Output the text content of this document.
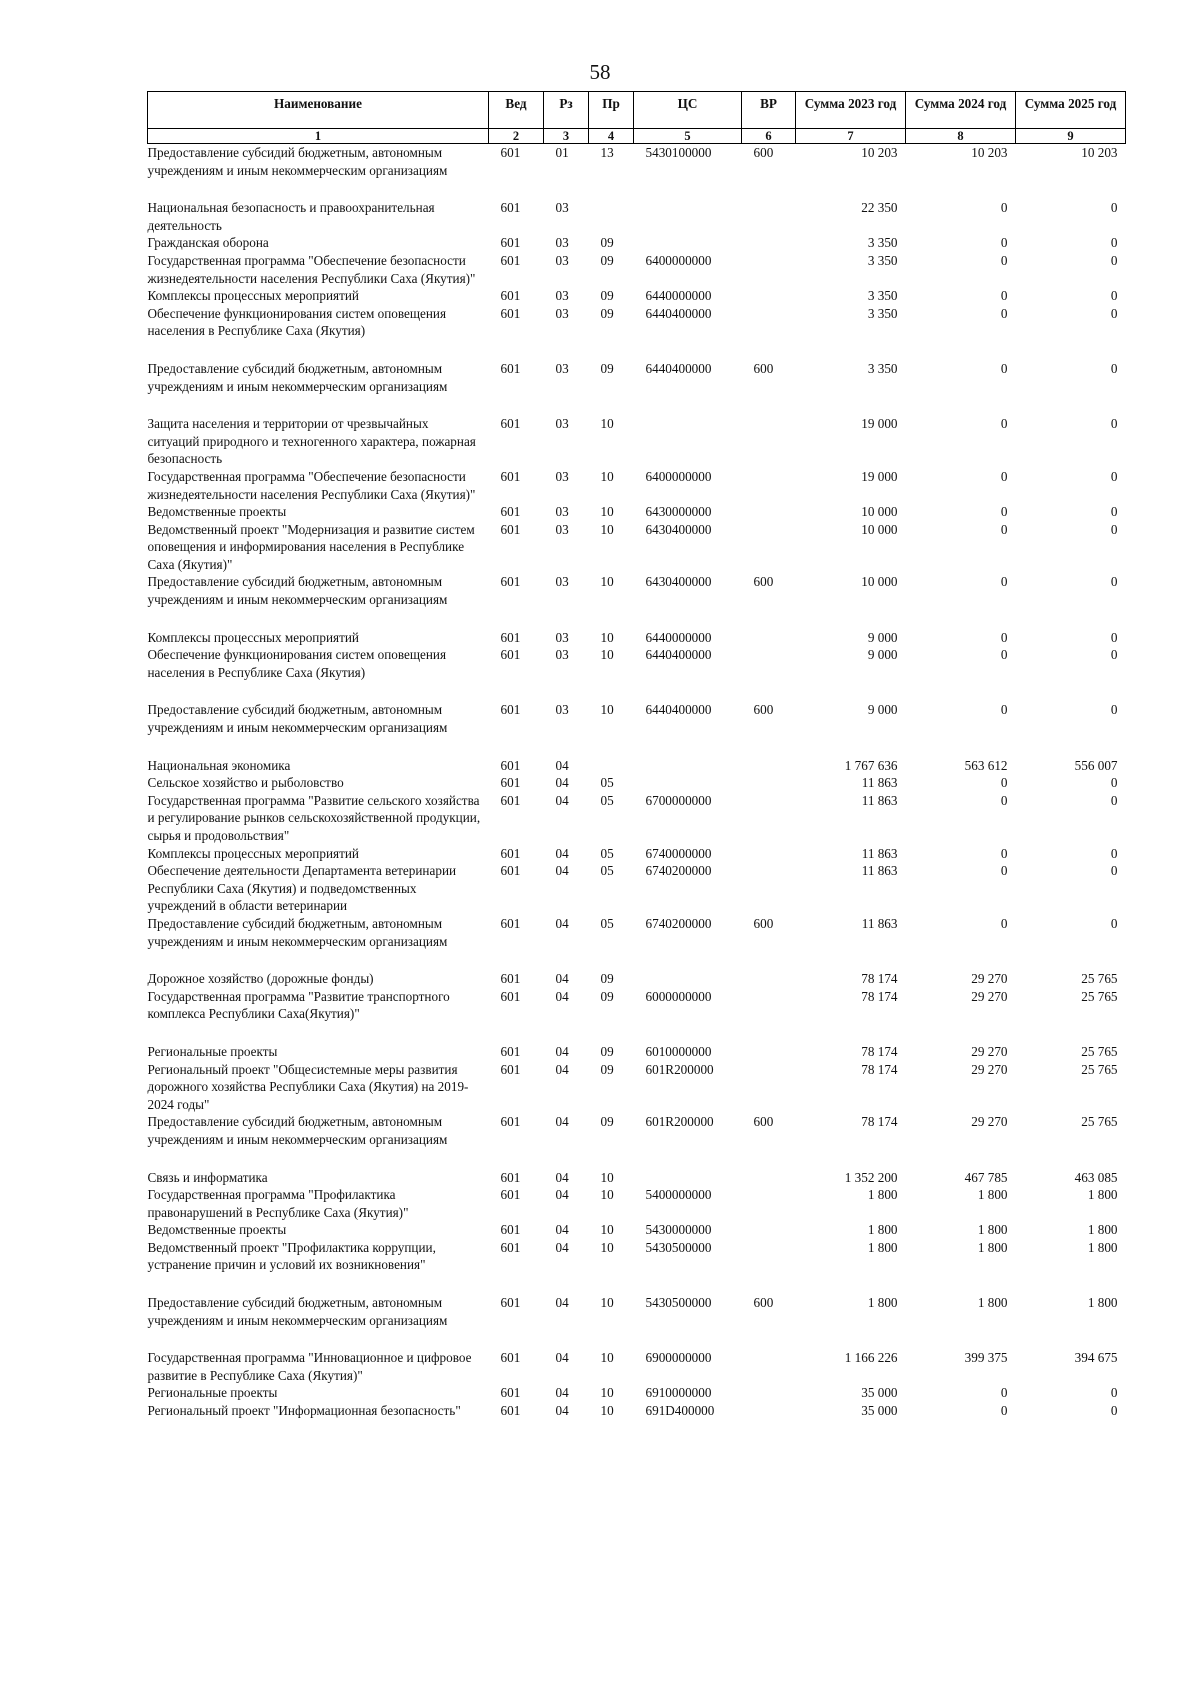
58
Наименование	Вед	Рз	Пр	ЦС	ВР	Сумма 2023 год	Сумма 2024 год	Сумма 2025 год
1	2	3	4	5	6	7	8	9
Предоставление субсидий бюджетным, автономным учреждениям и иным некоммерческим организациям	601	01	13	5430100000	600	10 203	10 203	10 203
Национальная безопасность и правоохранительная деятельность	601	03				22 350	0	0
Гражданская оборона	601	03	09			3 350	0	0
Государственная программа "Обеспечение безопасности жизнедеятельности населения Республики Саха (Якутия)"	601	03	09	6400000000		3 350	0	0
Комплексы процессных мероприятий	601	03	09	6440000000		3 350	0	0
Обеспечение функционирования систем оповещения населения в Республике Саха (Якутия)	601	03	09	6440400000		3 350	0	0
Предоставление субсидий бюджетным, автономным учреждениям и иным некоммерческим организациям	601	03	09	6440400000	600	3 350	0	0
Защита населения и территории от чрезвычайных ситуаций природного и техногенного характера, пожарная безопасность	601	03	10			19 000	0	0
Государственная программа "Обеспечение безопасности жизнедеятельности населения Республики Саха (Якутия)"	601	03	10	6400000000		19 000	0	0
Ведомственные проекты	601	03	10	6430000000		10 000	0	0
Ведомственный проект "Модернизация и развитие систем оповещения и информирования населения в Республике Саха (Якутия)"	601	03	10	6430400000		10 000	0	0
Предоставление субсидий бюджетным, автономным учреждениям и иным некоммерческим организациям	601	03	10	6430400000	600	10 000	0	0
Комплексы процессных мероприятий	601	03	10	6440000000		9 000	0	0
Обеспечение функционирования систем оповещения населения в Республике Саха (Якутия)	601	03	10	6440400000		9 000	0	0
Предоставление субсидий бюджетным, автономным учреждениям и иным некоммерческим организациям	601	03	10	6440400000	600	9 000	0	0
Национальная экономика	601	04				1 767 636	563 612	556 007
Сельское хозяйство и рыболовство	601	04	05			11 863	0	0
Государственная программа "Развитие сельского хозяйства и регулирование рынков сельскохозяйственной продукции, сырья и продовольствия"	601	04	05	6700000000		11 863	0	0
Комплексы процессных мероприятий	601	04	05	6740000000		11 863	0	0
Обеспечение деятельности Департамента ветеринарии Республики Саха (Якутия) и подведомственных учреждений в области ветеринарии	601	04	05	6740200000		11 863	0	0
Предоставление субсидий бюджетным, автономным учреждениям и иным некоммерческим организациям	601	04	05	6740200000	600	11 863	0	0
Дорожное хозяйство (дорожные фонды)	601	04	09			78 174	29 270	25 765
Государственная программа "Развитие транспортного комплекса Республики Саха(Якутия)"	601	04	09	6000000000		78 174	29 270	25 765
Региональные проекты	601	04	09	6010000000		78 174	29 270	25 765
Региональный проект "Общесистемные меры развития дорожного хозяйства Республики Саха (Якутия) на 2019-2024 годы"	601	04	09	601R200000		78 174	29 270	25 765
Предоставление субсидий бюджетным, автономным учреждениям и иным некоммерческим организациям	601	04	09	601R200000	600	78 174	29 270	25 765
Связь и информатика	601	04	10			1 352 200	467 785	463 085
Государственная программа "Профилактика правонарушений в Республике Саха (Якутия)"	601	04	10	5400000000		1 800	1 800	1 800
Ведомственные проекты	601	04	10	5430000000		1 800	1 800	1 800
Ведомственный проект "Профилактика коррупции, устранение причин и условий их возникновения"	601	04	10	5430500000		1 800	1 800	1 800
Предоставление субсидий бюджетным, автономным учреждениям и иным некоммерческим организациям	601	04	10	5430500000	600	1 800	1 800	1 800
Государственная программа "Инновационное и цифровое развитие в Республике Саха (Якутия)"	601	04	10	6900000000		1 166 226	399 375	394 675
Региональные проекты	601	04	10	6910000000		35 000	0	0
Региональный проект "Информационная безопасность"	601	04	10	691D400000		35 000	0	0
